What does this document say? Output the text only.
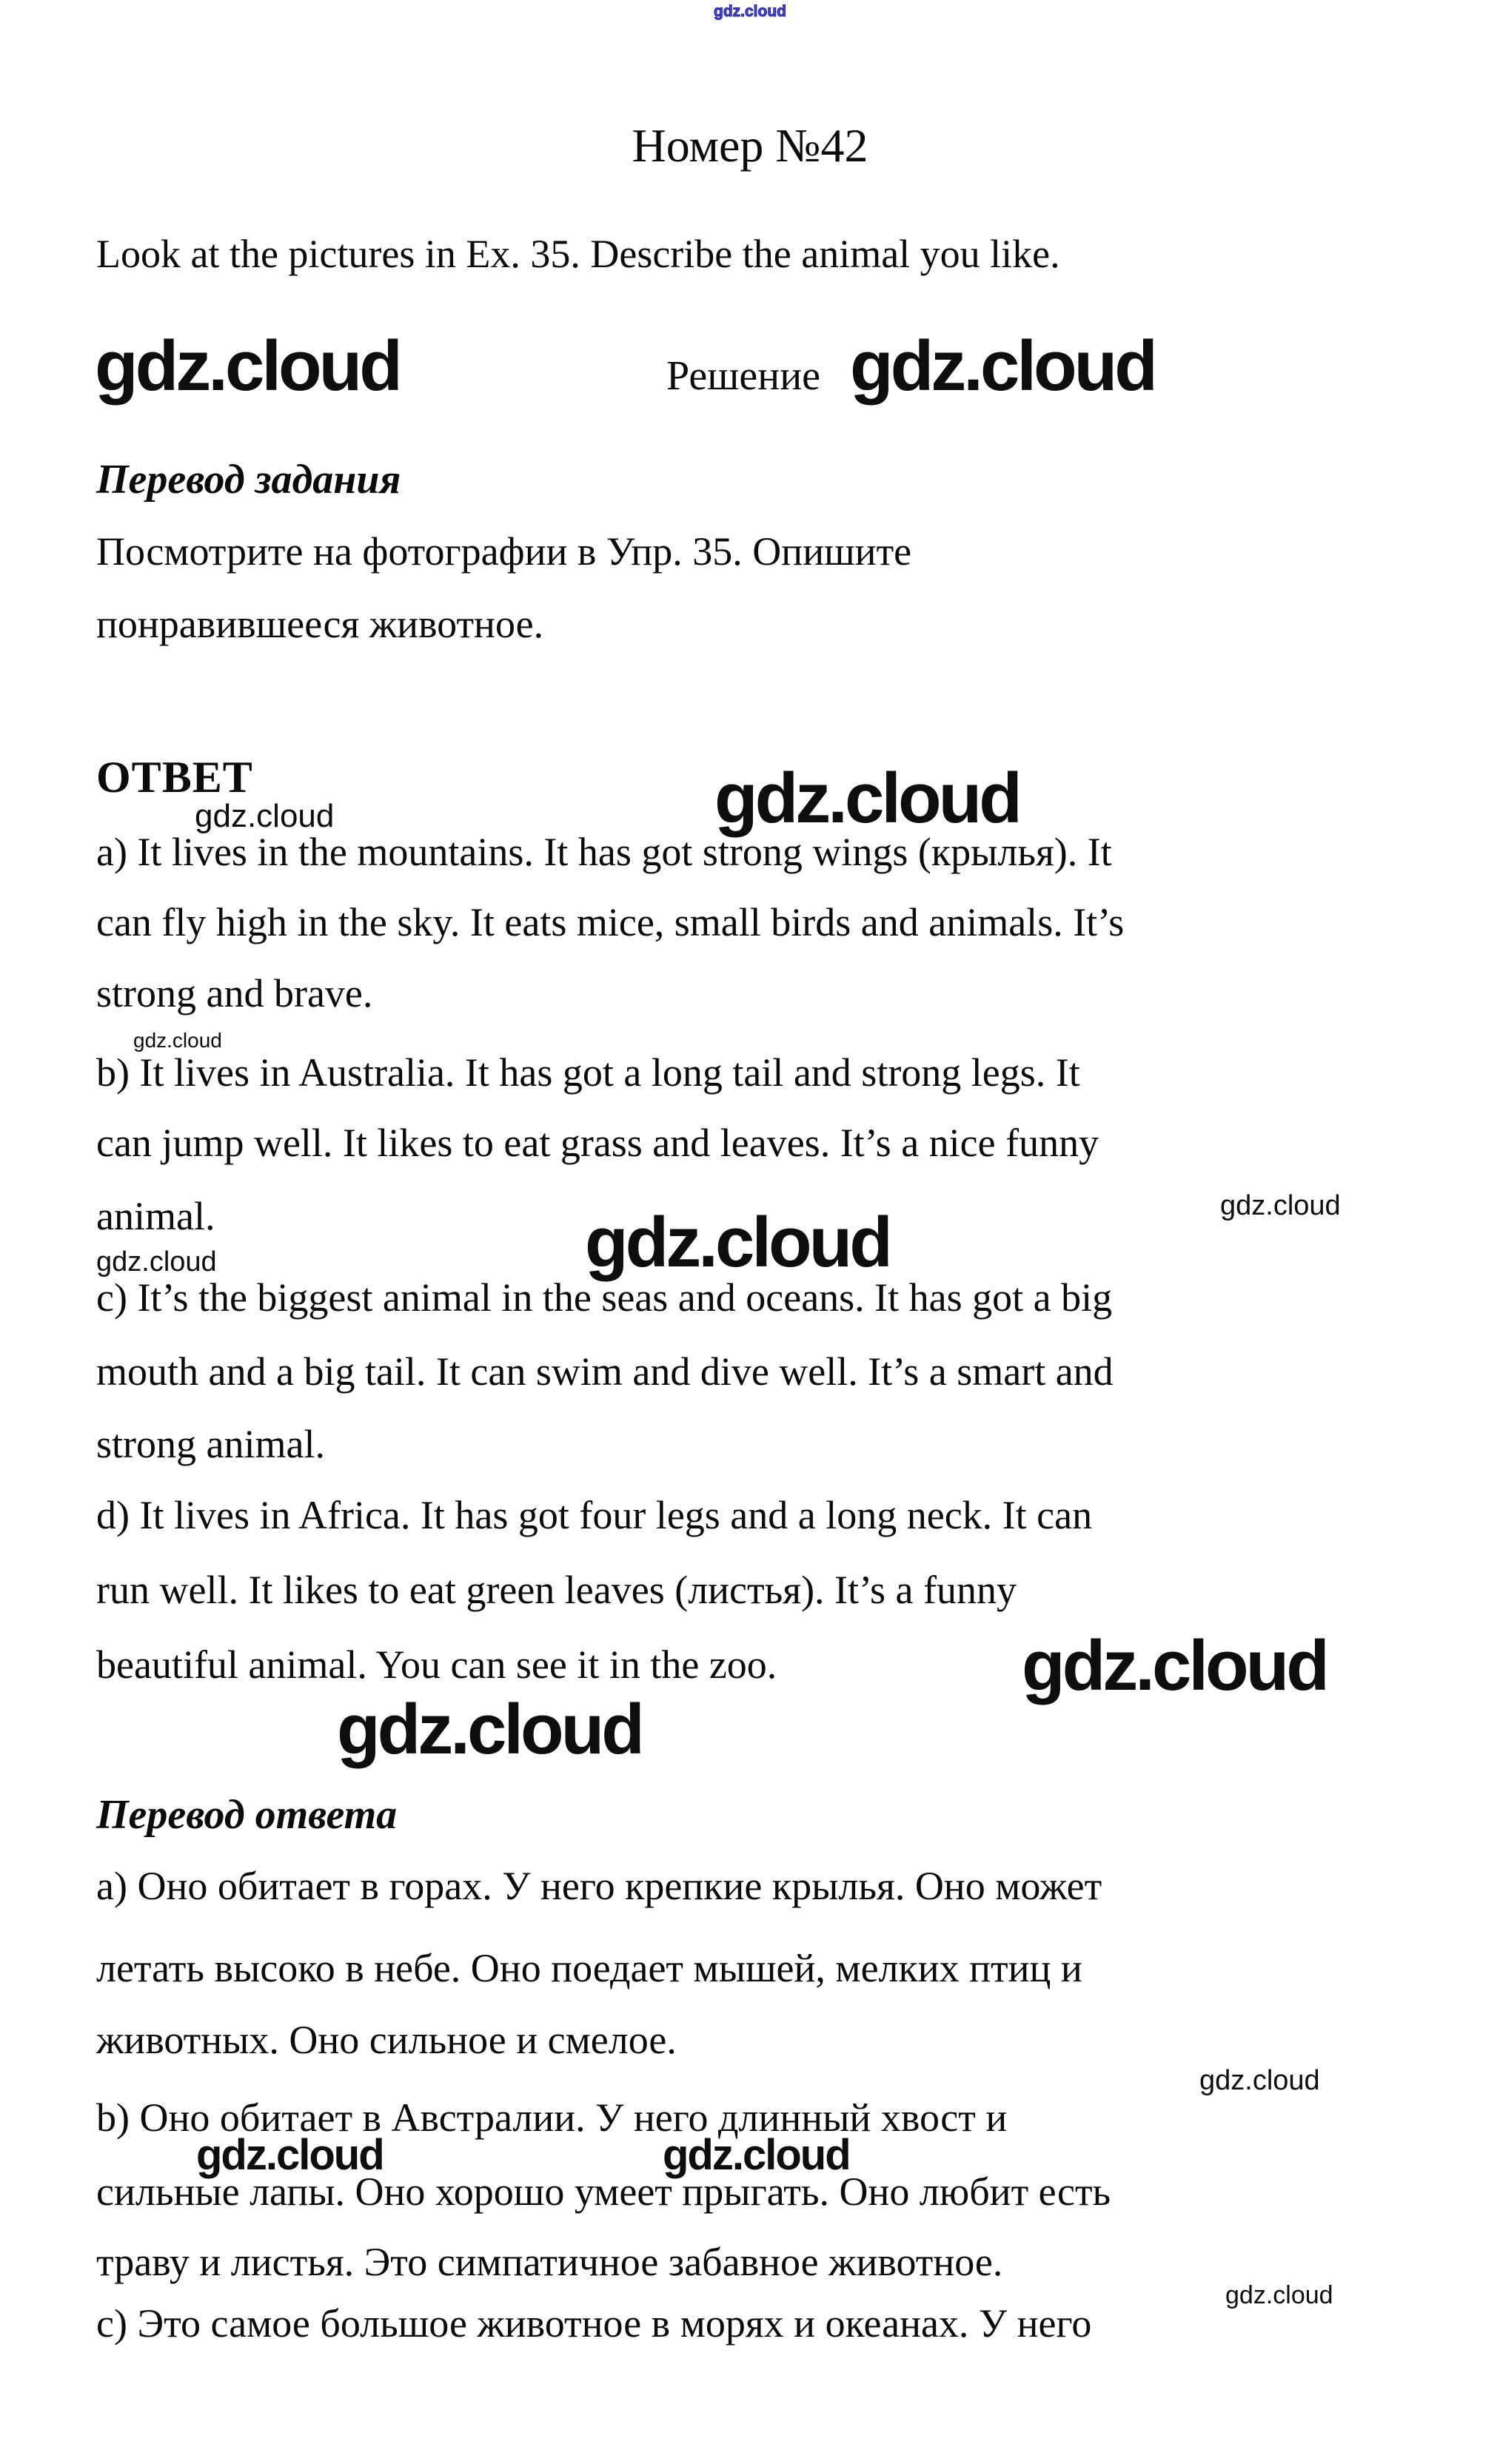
gdz.cloud
Номер №42
Look at the pictures in Ex. 35. Describe the animal you like.
gdz.cloud	Решение gdz.cloud
Перевод задания
Посмотрите на фотографии в Упр. 35. Опишите
понравившееся животное.
ОТВЕТ
gdz.cloud	gdz.cloud
a) It lives in the mountains. It has got strong wings (крылья). It
can fly high in the sky. It eats mice, small birds and animals. It’s
strong and brave.
gdz.cloud
b) It lives in Australia. It has got a long tail and strong legs. It
can jump well. It likes to eat grass and leaves. It’s a nice funny
animal.	gdz.cloud
gdz.cloud
gdz.cloud
c) It’s the biggest animal in the seas and oceans. It has got a big
mouth and a big tail. It can swim and dive well. It’s a smart and
strong animal.
d) It lives in Africa. It has got four legs and a long neck. It can
run well. It likes to eat green leaves (листья). It’s a funny
beautiful animal. You can see it in the zoo.	gdz.cloud
gdz.cloud
Перевод ответа
a) Оно обитает в горах. У него крепкие крылья. Оно может
летать высоко в небе. Оно поедает мышей, мелких птиц и
животных. Оно сильное и смелое.
gdz.cloud
b) Оно обитает в Австралии. У него длинный хвост и
gdz.cloud	gdz.cloud
сильные лапы. Оно хорошо умеет прыгать. Оно любит есть
траву и листья. Это симпатичное забавное животное.
gdz.cloud
c) Это самое большое животное в морях и океанах. У него
